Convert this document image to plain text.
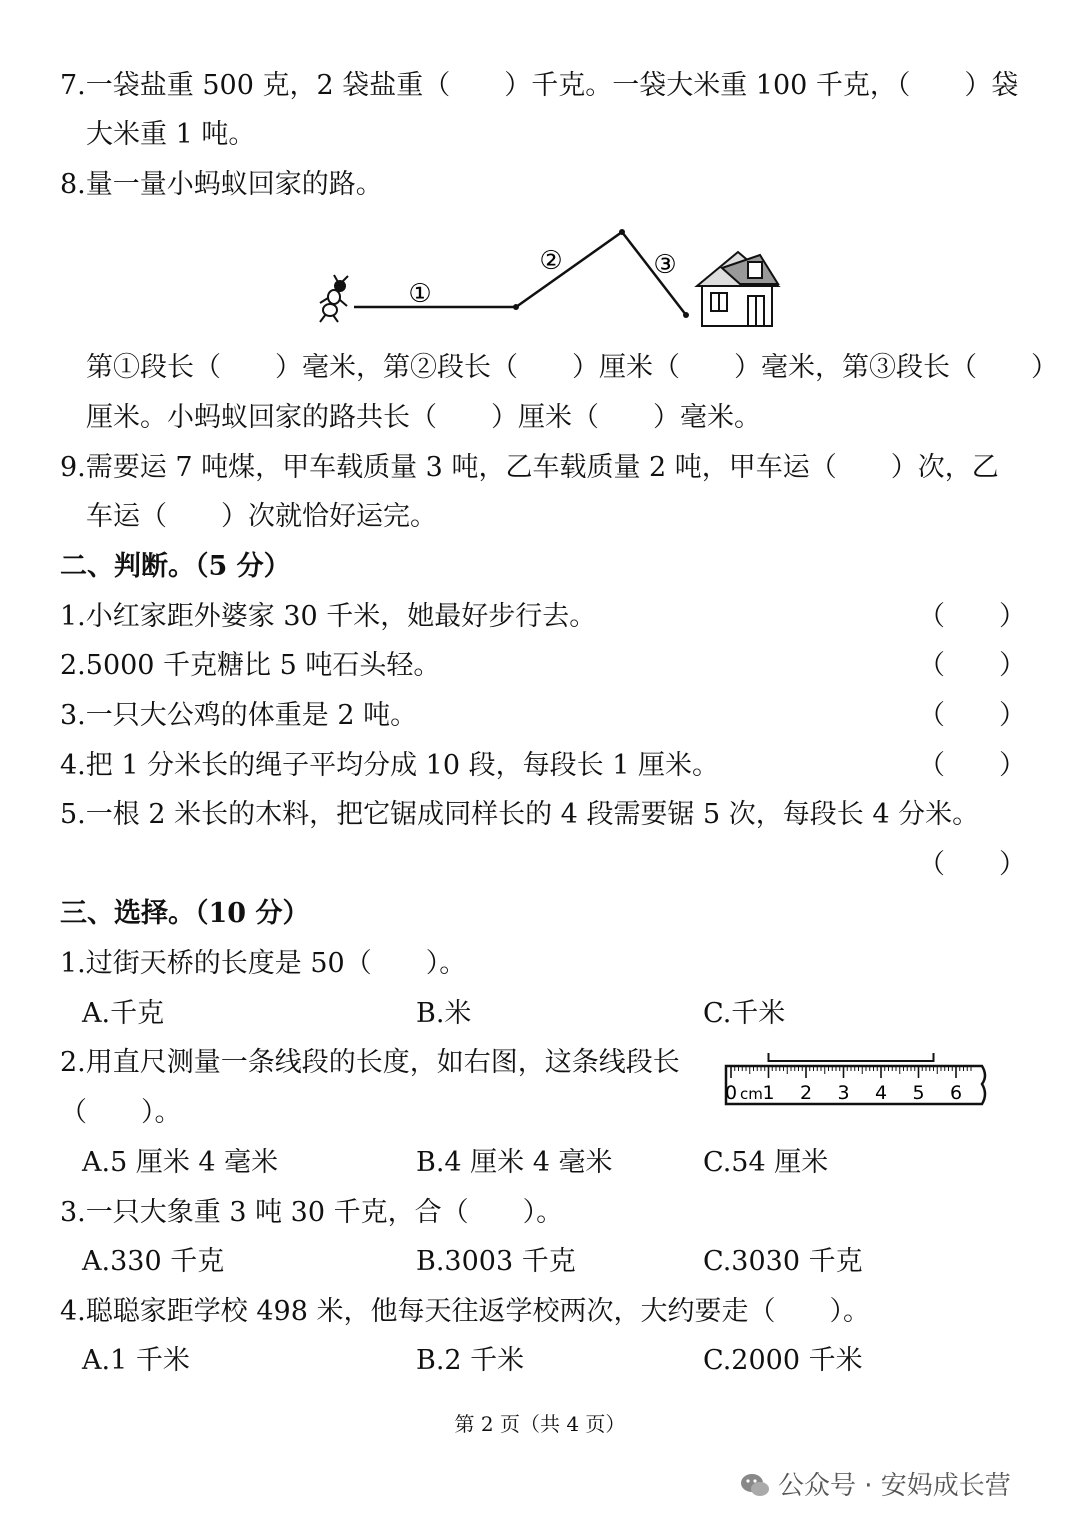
7.一袋盐重 500 克，2 袋盐重（　　）千克。一袋大米重 100 千克，（　　）袋
大米重 1 吨。
8.量一量小蚂蚁回家的路。
①
②	③
第①段长（　　）毫米，第②段长（　　）厘米（　　）毫米，第③段长（　　）
厘米。小蚂蚁回家的路共长（　　）厘米（　　）毫米。
9.需要运 7 吨煤，甲车载质量 3 吨，乙车载质量 2 吨，甲车运（　　）次，乙
车运（　　）次就恰好运完。
二、判断。（5 分）
1.小红家距外婆家 30 千米，她最好步行去。	（　　）
2.5000 千克糖比 5 吨石头轻。	（　　）
3.一只大公鸡的体重是 2 吨。	（　　）
4.把 1 分米长的绳子平均分成 10 段，每段长 1 厘米。	（　　）
5.一根 2 米长的木料，把它锯成同样长的 4 段需要锯 5 次，每段长 4 分米。
（　　）
三、选择。（10 分）
1.过街天桥的长度是 50（　　）。
A.千克	B.米	C.千米
2.用直尺测量一条线段的长度，如右图，这条线段长
（　　）。
0 cm 1 2 3 4 5 6
A.5 厘米 4 毫米	B.4 厘米 4 毫米	C.54 厘米
3.一只大象重 3 吨 30 千克，合（　　）。
A.330 千克	B.3003 千克	C.3030 千克
4.聪聪家距学校 498 米，他每天往返学校两次，大约要走（　　）。
A.1 千米	B.2 千米	C.2000 千米
第 2 页（共 4 页）
公众号 · 安妈成长营
